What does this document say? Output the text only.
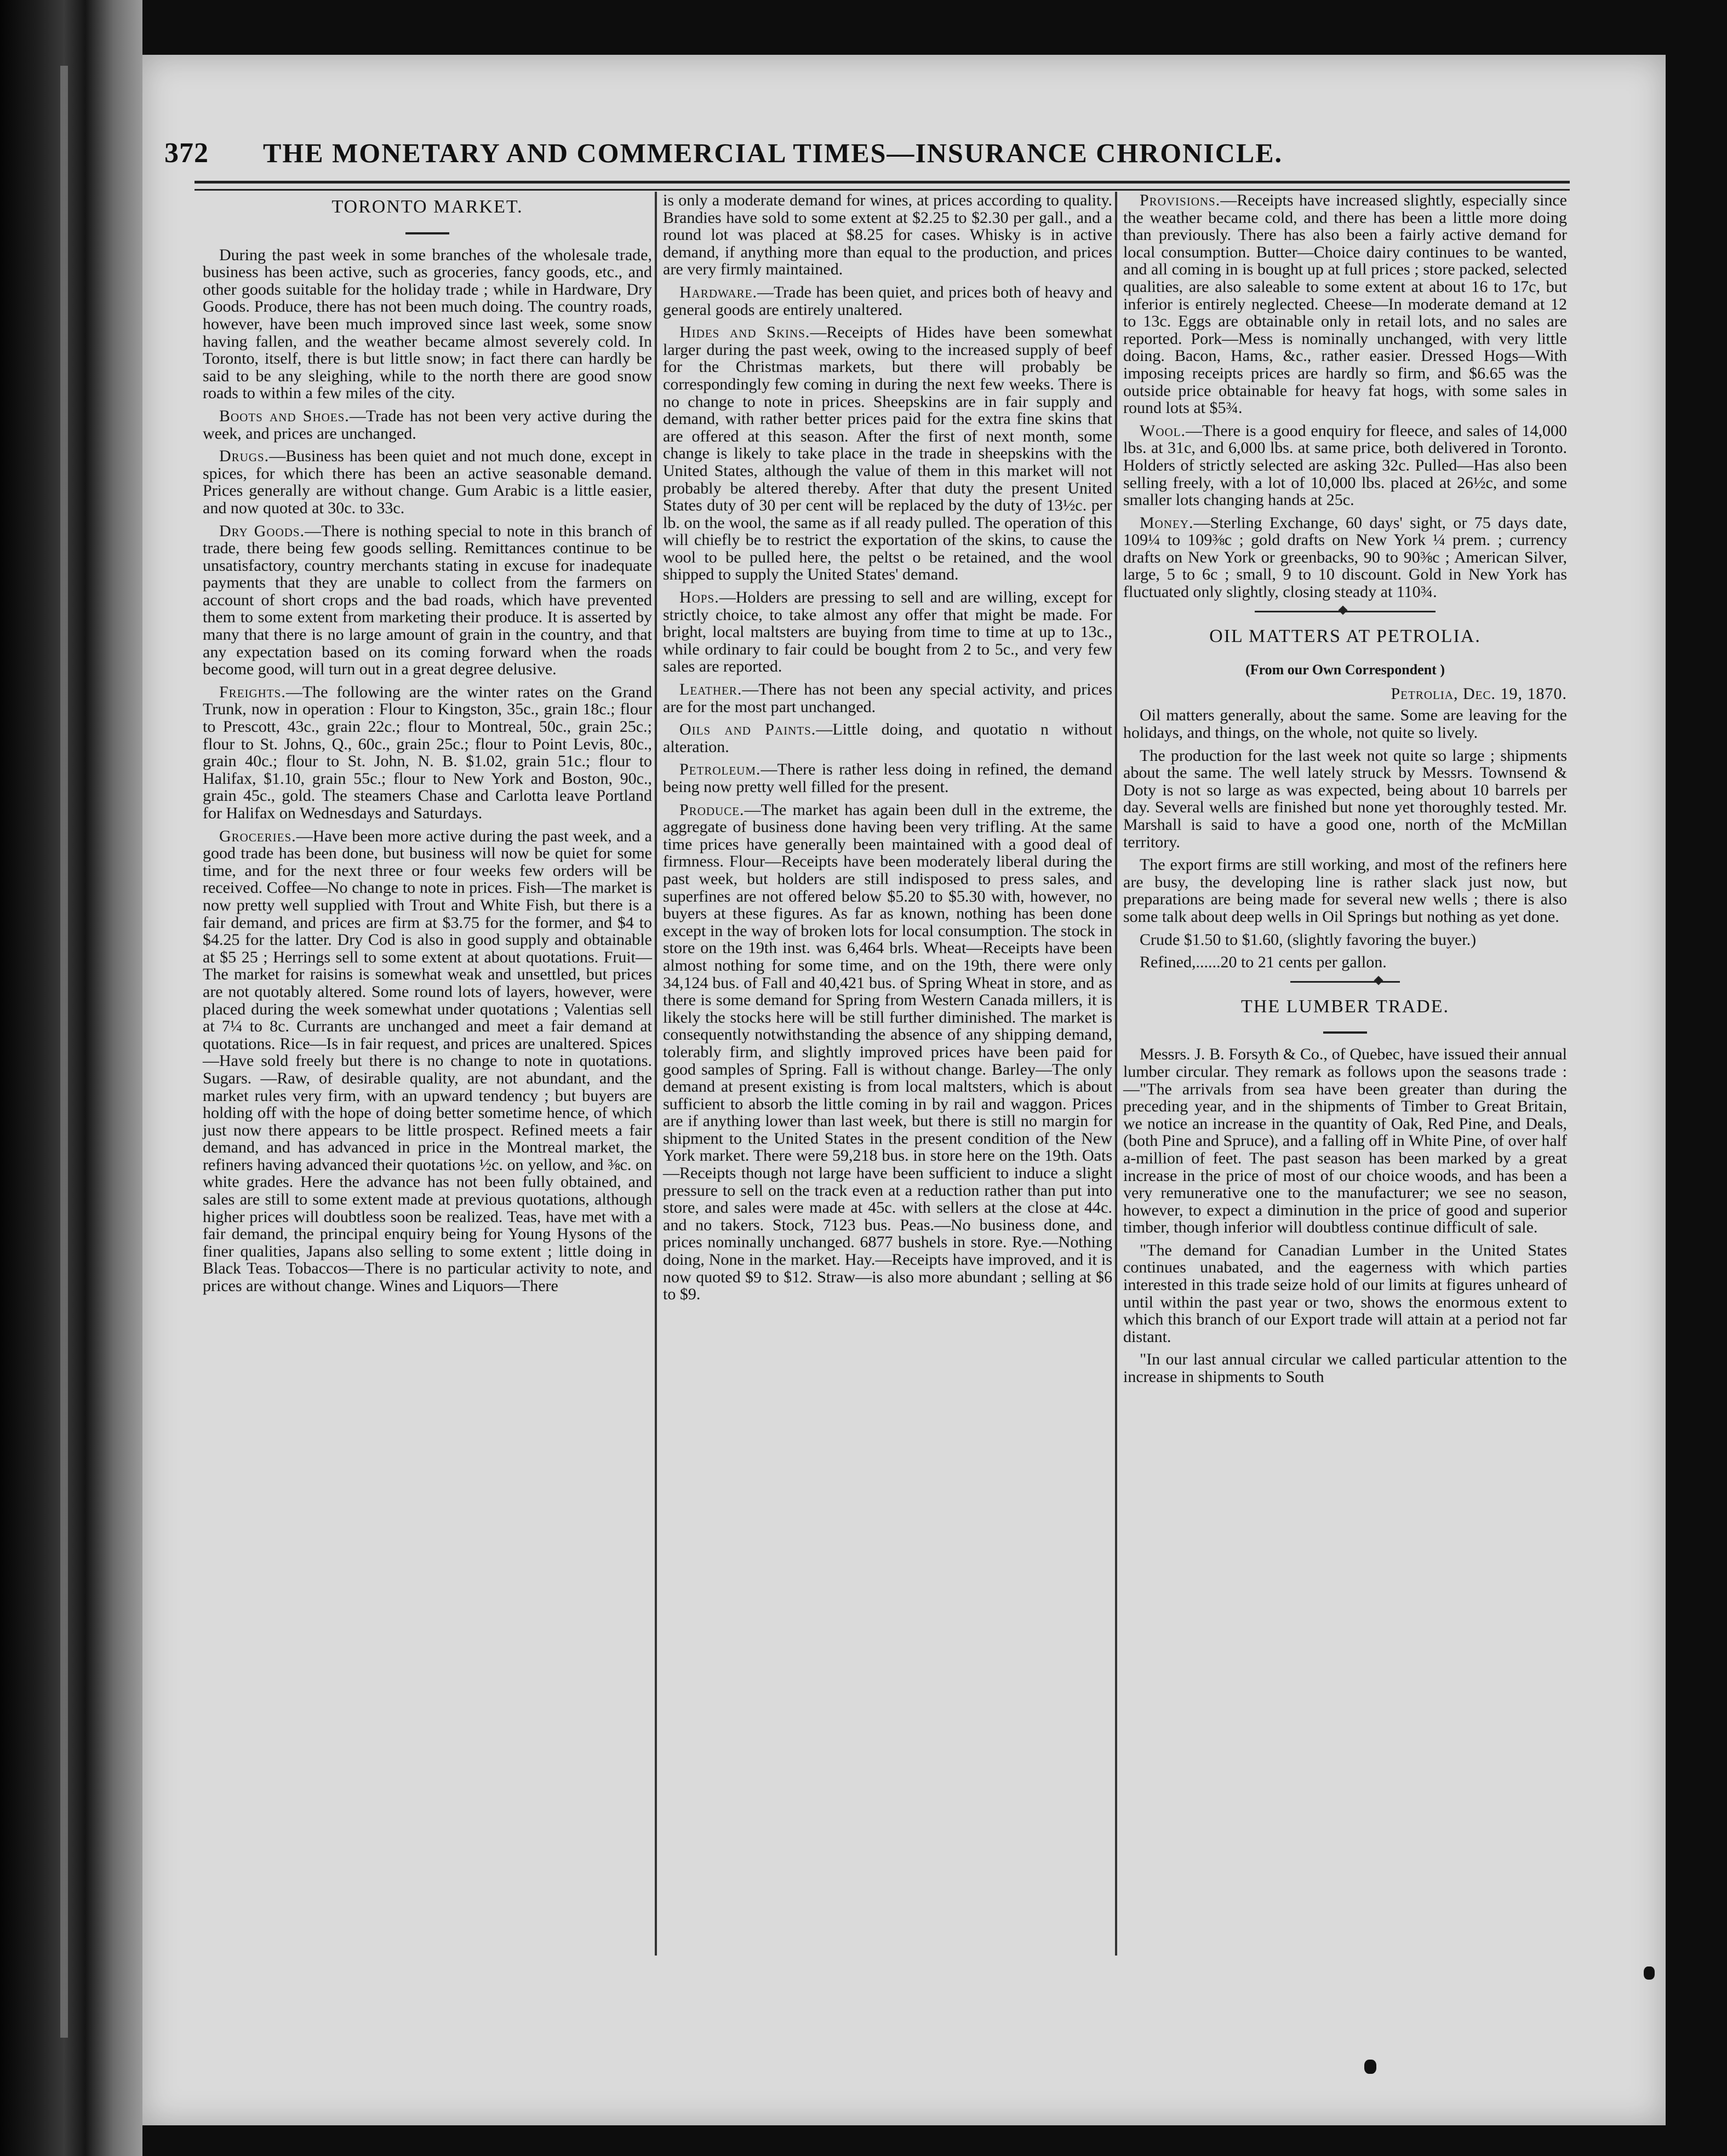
372 THE MONETARY AND COMMERCIAL TIMES—INSURANCE CHRONICLE.
TORONTO MARKET.

During the past week in some branches of the wholesale trade, business has been active, such as groceries, fancy goods, etc., and other goods suitable for the holiday trade ; while in Hardware, Dry Goods. Produce, there has not been much doing. The country roads, however, have been much improved since last week, some snow having fallen, and the weather became almost severely cold. In Toronto, itself, there is but little snow; in fact there can hardly be said to be any sleighing, while to the north there are good snow roads to within a few miles of the city.

Boots and Shoes.—Trade has not been very active during the week, and prices are unchanged.

Drugs.—Business has been quiet and not much done, except in spices, for which there has been an active seasonable demand. Prices generally are without change. Gum Arabic is a little easier, and now quoted at 30c. to 33c.

Dry Goods.—There is nothing special to note in this branch of trade, there being few goods selling. Remittances continue to be unsatisfactory, country merchants stating in excuse for inadequate payments that they are unable to collect from the farmers on account of short crops and the bad roads, which have prevented them to some extent from marketing their produce. It is asserted by many that there is no large amount of grain in the country, and that any expectation based on its coming forward when the roads become good, will turn out in a great degree delusive.

Freights.—The following are the winter rates on the Grand Trunk, now in operation : Flour to Kingston, 35c., grain 18c.; flour to Prescott, 43c., grain 22c.; flour to Montreal, 50c., grain 25c.; flour to St. Johns, Q., 60c., grain 25c.; flour to Point Levis, 80c., grain 40c.; flour to St. John, N. B. $1.02, grain 51c.; flour to Halifax, $1.10, grain 55c.; flour to New York and Boston, 90c., grain 45c., gold. The steamers Chase and Carlotta leave Portland for Halifax on Wednesdays and Saturdays.

Groceries.—Have been more active during the past week, and a good trade has been done, but business will now be quiet for some time, and for the next three or four weeks few orders will be received. Coffee—No change to note in prices. Fish—The market is now pretty well supplied with Trout and White Fish, but there is a fair demand, and prices are firm at $3.75 for the former, and $4 to $4.25 for the latter. Dry Cod is also in good supply and obtainable at $5 25 ; Herrings sell to some extent at about quotations. Fruit—The market for raisins is somewhat weak and unsettled, but prices are not quotably altered. Some round lots of layers, however, were placed during the week somewhat under quotations ; Valentias sell at 7¼ to 8c. Currants are unchanged and meet a fair demand at quotations. Rice—Is in fair request, and prices are unaltered. Spices—Have sold freely but there is no change to note in quotations. Sugars. —Raw, of desirable quality, are not abundant, and the market rules very firm, with an upward tendency ; but buyers are holding off with the hope of doing better sometime hence, of which just now there appears to be little prospect. Refined meets a fair demand, and has advanced in price in the Montreal market, the refiners having advanced their quotations ½c. on yellow, and ⅜c. on white grades. Here the advance has not been fully obtained, and sales are still to some extent made at previous quotations, although higher prices will doubtless soon be realized. Teas, have met with a fair demand, the principal enquiry being for Young Hysons of the finer qualities, Japans also selling to some extent ; little doing in Black Teas. Tobaccos—There is no particular activity to note, and prices are without change. Wines and Liquors—There

is only a moderate demand for wines, at prices according to quality. Brandies have sold to some extent at $2.25 to $2.30 per gall., and a round lot was placed at $8.25 for cases. Whisky is in active demand, if anything more than equal to the production, and prices are very firmly maintained.

Hardware.—Trade has been quiet, and prices both of heavy and general goods are entirely unaltered.

Hides and Skins.—Receipts of Hides have been somewhat larger during the past week, owing to the increased supply of beef for the Christmas markets, but there will probably be correspondingly few coming in during the next few weeks. There is no change to note in prices. Sheepskins are in fair supply and demand, with rather better prices paid for the extra fine skins that are offered at this season. After the first of next month, some change is likely to take place in the trade in sheepskins with the United States, although the value of them in this market will not probably be altered thereby. After that duty the present United States duty of 30 per cent will be replaced by the duty of 13½c. per lb. on the wool, the same as if all ready pulled. The operation of this will chiefly be to restrict the exportation of the skins, to cause the wool to be pulled here, the peltst o be retained, and the wool shipped to supply the United States' demand.

Hops.—Holders are pressing to sell and are willing, except for strictly choice, to take almost any offer that might be made. For bright, local maltsters are buying from time to time at up to 13c., while ordinary to fair could be bought from 2 to 5c., and very few sales are reported.

Leather.—There has not been any special activity, and prices are for the most part unchanged.

Oils and Paints.—Little doing, and quotatio n without alteration.

Petroleum.—There is rather less doing in refined, the demand being now pretty well filled for the present.

Produce.—The market has again been dull in the extreme, the aggregate of business done having been very trifling. At the same time prices have generally been maintained with a good deal of firmness. Flour—Receipts have been moderately liberal during the past week, but holders are still indisposed to press sales, and superfines are not offered below $5.20 to $5.30 with, however, no buyers at these figures. As far as known, nothing has been done except in the way of broken lots for local consumption. The stock in store on the 19th inst. was 6,464 brls. Wheat—Receipts have been almost nothing for some time, and on the 19th, there were only 34,124 bus. of Fall and 40,421 bus. of Spring Wheat in store, and as there is some demand for Spring from Western Canada millers, it is likely the stocks here will be still further diminished. The market is consequently notwithstanding the absence of any shipping demand, tolerably firm, and slightly improved prices have been paid for good samples of Spring. Fall is without change. Barley—The only demand at present existing is from local maltsters, which is about sufficient to absorb the little coming in by rail and waggon. Prices are if anything lower than last week, but there is still no margin for shipment to the United States in the present condition of the New York market. There were 59,218 bus. in store here on the 19th. Oats—Receipts though not large have been sufficient to induce a slight pressure to sell on the track even at a reduction rather than put into store, and sales were made at 45c. with sellers at the close at 44c. and no takers. Stock, 7123 bus. Peas.—No business done, and prices nominally unchanged. 6877 bushels in store. Rye.—Nothing doing, None in the market. Hay.—Receipts have improved, and it is now quoted $9 to $12. Straw—is also more abundant ; selling at $6 to $9.

Provisions.—Receipts have increased slightly, especially since the weather became cold, and there has been a little more doing than previously. There has also been a fairly active demand for local consumption. Butter—Choice dairy continues to be wanted, and all coming in is bought up at full prices ; store packed, selected qualities, are also saleable to some extent at about 16 to 17c, but inferior is entirely neglected. Cheese—In moderate demand at 12 to 13c. Eggs are obtainable only in retail lots, and no sales are reported. Pork—Mess is nominally unchanged, with very little doing. Bacon, Hams, &c., rather easier. Dressed Hogs—With imposing receipts prices are hardly so firm, and $6.65 was the outside price obtainable for heavy fat hogs, with some sales in round lots at $5¾.

Wool.—There is a good enquiry for fleece, and sales of 14,000 lbs. at 31c, and 6,000 lbs. at same price, both delivered in Toronto. Holders of strictly selected are asking 32c. Pulled—Has also been selling freely, with a lot of 10,000 lbs. placed at 26½c, and some smaller lots changing hands at 25c.

Money.—Sterling Exchange, 60 days' sight, or 75 days date, 109¼ to 109⅜c ; gold drafts on New York ¼ prem. ; currency drafts on New York or greenbacks, 90 to 90⅜c ; American Silver, large, 5 to 6c ; small, 9 to 10 discount. Gold in New York has fluctuated only slightly, closing steady at 110¾.

OIL MATTERS AT PETROLIA.

(From our Own Correspondent )

Petrolia, Dec. 19, 1870.

Oil matters generally, about the same. Some are leaving for the holidays, and things, on the whole, not quite so lively.

The production for the last week not quite so large ; shipments about the same. The well lately struck by Messrs. Townsend & Doty is not so large as was expected, being about 10 barrels per day. Several wells are finished but none yet thoroughly tested. Mr. Marshall is said to have a good one, north of the McMillan territory.

The export firms are still working, and most of the refiners here are busy, the developing line is rather slack just now, but preparations are being made for several new wells ; there is also some talk about deep wells in Oil Springs but nothing as yet done.

Crude $1.50 to $1.60, (slightly favoring the buyer.)

Refined,......20 to 21 cents per gallon.

THE LUMBER TRADE.

Messrs. J. B. Forsyth & Co., of Quebec, have issued their annual lumber circular. They remark as follows upon the seasons trade :—"The arrivals from sea have been greater than during the preceding year, and in the shipments of Timber to Great Britain, we notice an increase in the quantity of Oak, Red Pine, and Deals, (both Pine and Spruce), and a falling off in White Pine, of over half a-million of feet. The past season has been marked by a great increase in the price of most of our choice woods, and has been a very remunerative one to the manufacturer; we see no season, however, to expect a diminution in the price of good and superior timber, though inferior will doubtless continue difficult of sale.

"The demand for Canadian Lumber in the United States continues unabated, and the eagerness with which parties interested in this trade seize hold of our limits at figures unheard of until within the past year or two, shows the enormous extent to which this branch of our Export trade will attain at a period not far distant.

"In our last annual circular we called particular attention to the increase in shipments to South
